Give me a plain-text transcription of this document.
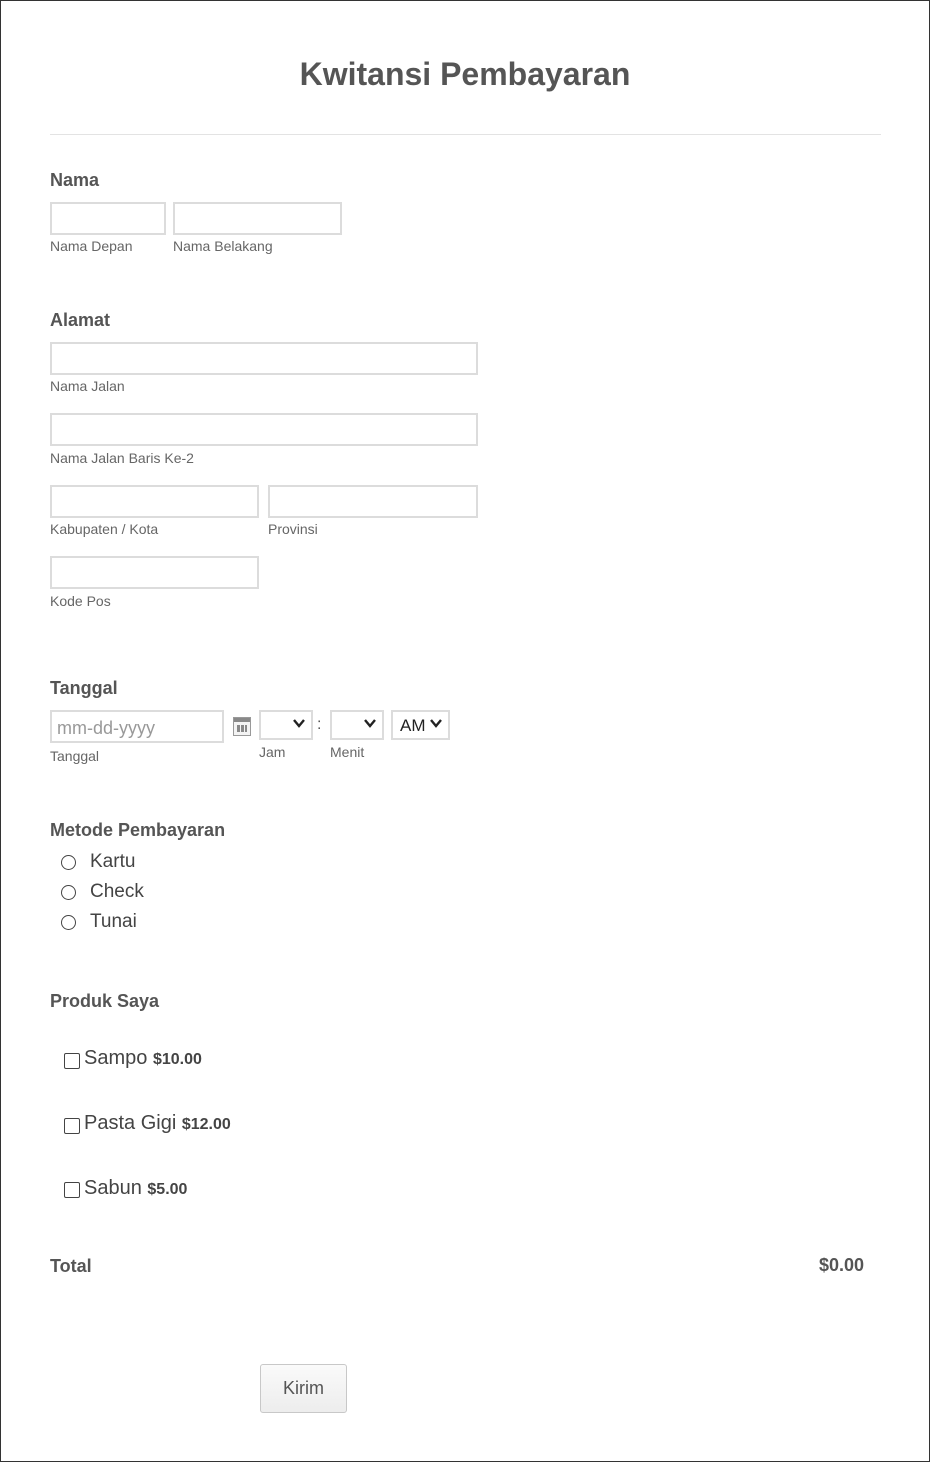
Kwitansi Pembayaran
Nama
Nama Depan	Nama Belakang
Alamat
Nama Jalan
Nama Jalan Baris Ke-2
Kabupaten / Kota	Provinsi
Kode Pos
Tanggal
mm-dd-yyyy
Tanggal
:	AM
Jam	Menit
Metode Pembayaran
Kartu
Check
Tunai
Produk Saya
Sampo $10.00
Pasta Gigi $12.00
Sabun $5.00
Total	$0.00
Kirim
